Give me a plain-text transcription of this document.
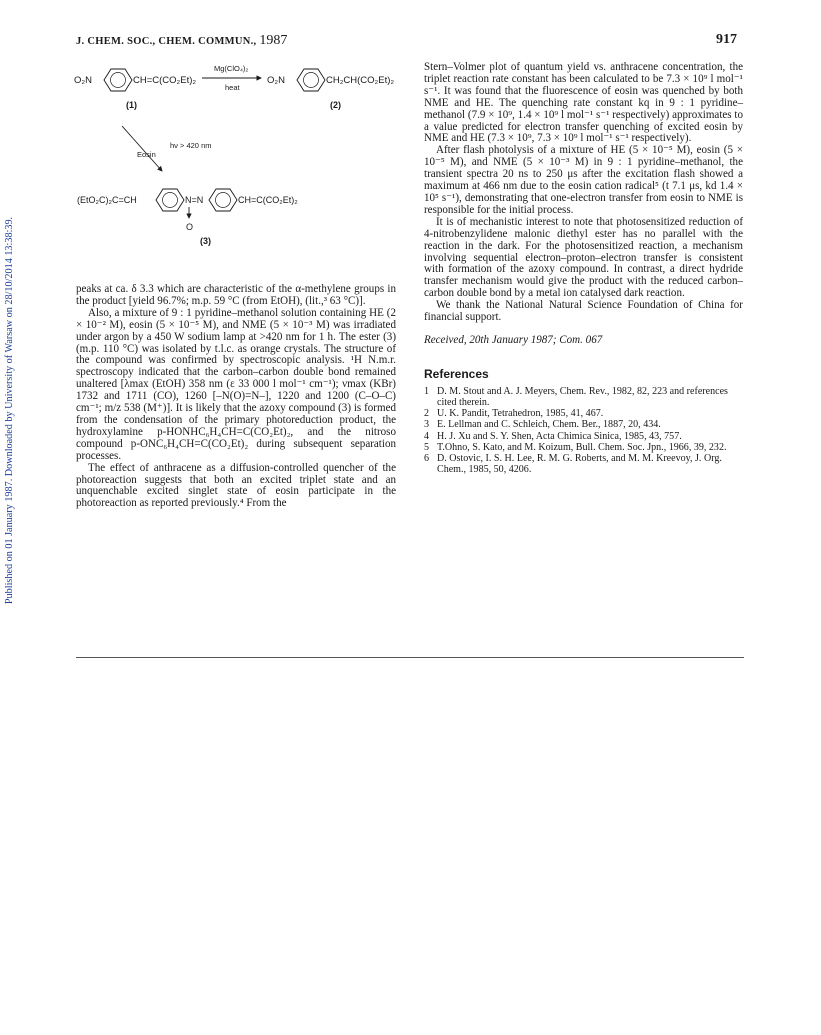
Published on 01 January 1987. Downloaded by University of Warsaw on 28/10/2014 13:38:39.
J. CHEM. SOC., CHEM. COMMUN., 1987	917
O₂N	CH=C(CO₂Et)₂
Mg(ClO₄)₂
heat
O₂N	CH₂CH(CO₂Et)₂
(1)	(2)
hν > 420 nm
Eosin
(EtO₂C)₂C=CH	N=N	CH=C(CO₂Et)₂
O
(3)

peaks at ca. δ 3.3 which are characteristic of the α-methylene groups in the product [yield 96.7%; m.p. 59 °C (from EtOH), (lit.,³ 63 °C)].

Also, a mixture of 9 : 1 pyridine–methanol solution containing HE (2 × 10⁻² M), eosin (5 × 10⁻⁵ M), and NME (5 × 10⁻³ M) was irradiated under argon by a 450 W sodium lamp at >420 nm for 1 h. The ester (3) (m.p. 110 °C) was isolated by t.l.c. as orange crystals. The structure of the compound was confirmed by spectroscopic analysis. ¹H N.m.r. spectroscopy indicated that the carbon–carbon double bond remained unaltered [λmax (EtOH) 358 nm (ε 33 000 l mol⁻¹ cm⁻¹); νmax (KBr) 1732 and 1711 (CO), 1260 [–N(O)=N–], 1220 and 1200 (C–O–C) cm⁻¹; m/z 538 (M⁺)]. It is likely that the azoxy compound (3) is formed from the condensation of the primary photoreduction product, the hydroxylamine p-HONHC₆H₄CH=C(CO₂Et)₂, and the nitroso compound p-ONC₆H₄CH=C(CO₂Et)₂ during subsequent separation processes.

The effect of anthracene as a diffusion-controlled quencher of the photoreaction suggests that both an excited triplet state and an unquenchable excited singlet state of eosin participate in the photoreaction as reported previously.⁴ From the

Stern–Volmer plot of quantum yield vs. anthracene concentration, the triplet reaction rate constant has been calculated to be 7.3 × 10⁹ l mol⁻¹ s⁻¹. It was found that the fluorescence of eosin was quenched by both NME and HE. The quenching rate constant kq in 9 : 1 pyridine–methanol (7.9 × 10⁹, 1.4 × 10⁹ l mol⁻¹ s⁻¹ respectively) approximates to a value predicted for electron transfer quenching of excited eosin by NME and HE (7.3 × 10⁹, 7.3 × 10⁹ l mol⁻¹ s⁻¹ respectively).

After flash photolysis of a mixture of HE (5 × 10⁻⁵ M), eosin (5 × 10⁻⁵ M), and NME (5 × 10⁻³ M) in 9 : 1 pyridine–methanol, the transient spectra 20 ns to 250 μs after the excitation flash showed a maximum at 466 nm due to the eosin cation radical⁵ (t 7.1 μs, kd 1.4 × 10⁵ s⁻¹), demonstrating that one-electron transfer from eosin to NME is responsible for the initial process.

It is of mechanistic interest to note that photosensitized reduction of 4-nitrobenzylidene malonic diethyl ester has no parallel with the reaction in the dark. For the photosensitized reaction, a mechanism involving sequential electron–proton–electron transfer is consistent with formation of the azoxy compound. In contrast, a direct hydride transfer mechanism would give the product with the reduced carbon–carbon double bond by a metal ion catalysed dark reaction.

We thank the National Natural Science Foundation of China for financial support.

Received, 20th January 1987; Com. 067

References
1 D. M. Stout and A. J. Meyers, Chem. Rev., 1982, 82, 223 and references cited therein.
2 U. K. Pandit, Tetrahedron, 1985, 41, 467.
3 E. Lellman and C. Schleich, Chem. Ber., 1887, 20, 434.
4 H. J. Xu and S. Y. Shen, Acta Chimica Sinica, 1985, 43, 757.
5 T.Ohno, S. Kato, and M. Koizum, Bull. Chem. Soc. Jpn., 1966, 39, 232.
6 D. Ostovic, I. S. H. Lee, R. M. G. Roberts, and M. M. Kreevoy, J. Org. Chem., 1985, 50, 4206.
